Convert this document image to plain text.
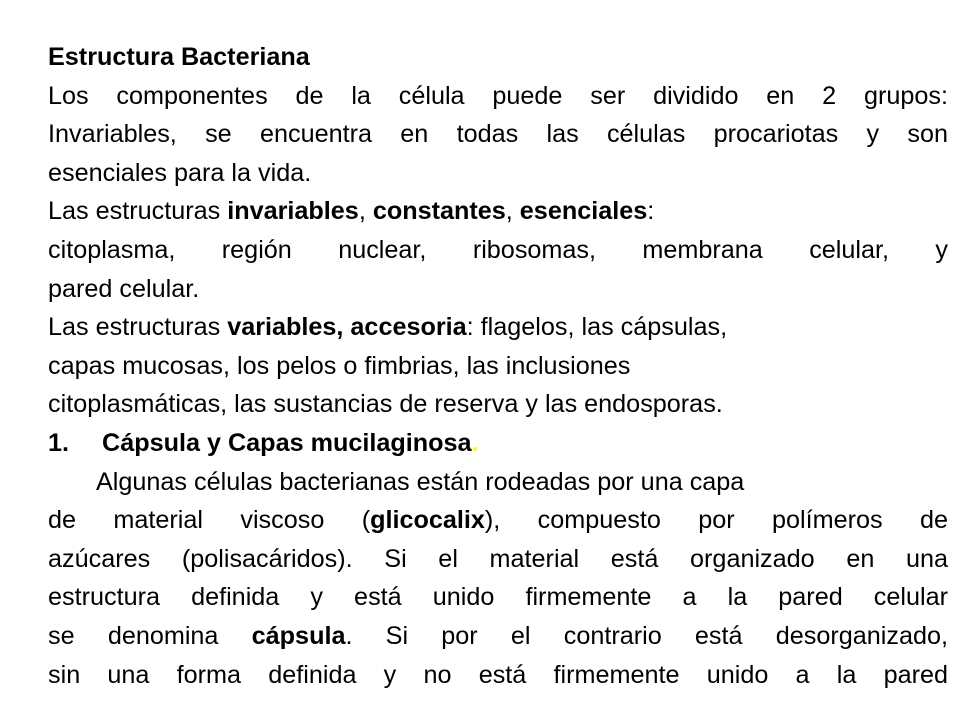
Estructura Bacteriana
Los componentes de la célula puede ser dividido en 2 grupos:
Invariables, se encuentra en todas las células procariotas y son
esenciales para la vida.
Las estructuras invariables, constantes, esenciales:
citoplasma, región nuclear, ribosomas, membrana celular, y
pared celular.
Las estructuras variables, accesoria: flagelos, las cápsulas,
capas mucosas, los pelos o fimbrias, las inclusiones
citoplasmáticas, las sustancias de reserva y las endosporas.
1. Cápsula y Capas mucilaginosa.
Algunas células bacterianas están rodeadas por una capa
de material viscoso (glicocalix), compuesto por polímeros de
azúcares (polisacáridos). Si el material está organizado en una
estructura definida y está unido firmemente a la pared celular
se denomina cápsula. Si por el contrario está desorganizado,
sin una forma definida y no está firmemente unido a la pared
